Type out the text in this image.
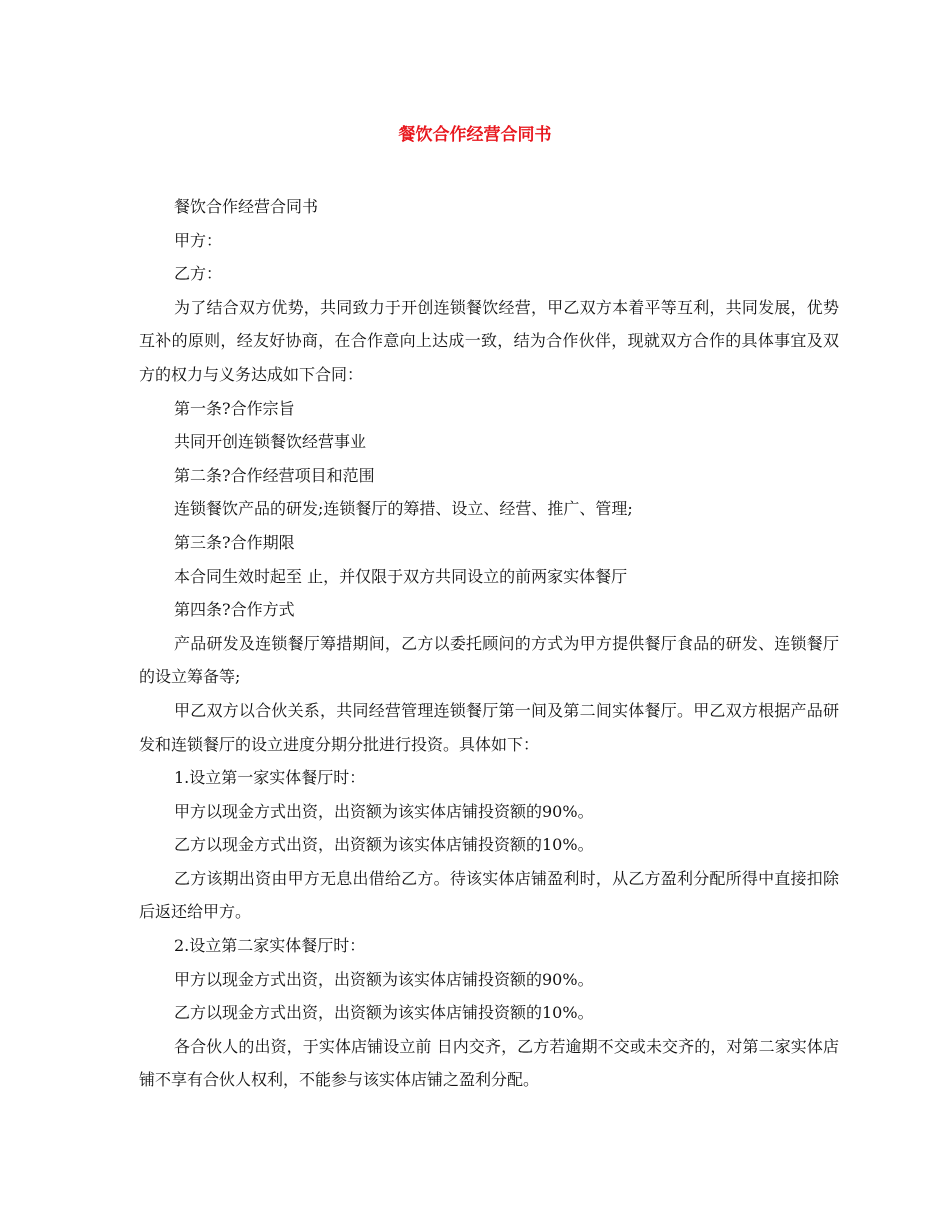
餐饮合作经营合同书

餐饮合作经营合同书

甲方：

乙方：

为了结合双方优势，共同致力于开创连锁餐饮经营，甲乙双方本着平等互利，共同发展，优势互补的原则，经友好协商，在合作意向上达成一致，结为合作伙伴，现就双方合作的具体事宜及双方的权力与义务达成如下合同：

第一条?合作宗旨

共同开创连锁餐饮经营事业

第二条?合作经营项目和范围

连锁餐饮产品的研发;连锁餐厅的筹措、设立、经营、推广、管理;

第三条?合作期限

本合同生效时起至 止，并仅限于双方共同设立的前两家实体餐厅

第四条?合作方式

产品研发及连锁餐厅筹措期间，乙方以委托顾问的方式为甲方提供餐厅食品的研发、连锁餐厅的设立筹备等;

甲乙双方以合伙关系，共同经营管理连锁餐厅第一间及第二间实体餐厅。甲乙双方根据产品研发和连锁餐厅的设立进度分期分批进行投资。具体如下：

1.设立第一家实体餐厅时：

甲方以现金方式出资，出资额为该实体店铺投资额的90%。

乙方以现金方式出资，出资额为该实体店铺投资额的10%。

乙方该期出资由甲方无息出借给乙方。待该实体店铺盈利时，从乙方盈利分配所得中直接扣除后返还给甲方。

2.设立第二家实体餐厅时：

甲方以现金方式出资，出资额为该实体店铺投资额的90%。

乙方以现金方式出资，出资额为该实体店铺投资额的10%。

各合伙人的出资，于实体店铺设立前 日内交齐，乙方若逾期不交或未交齐的，对第二家实体店铺不享有合伙人权利，不能参与该实体店铺之盈利分配。
